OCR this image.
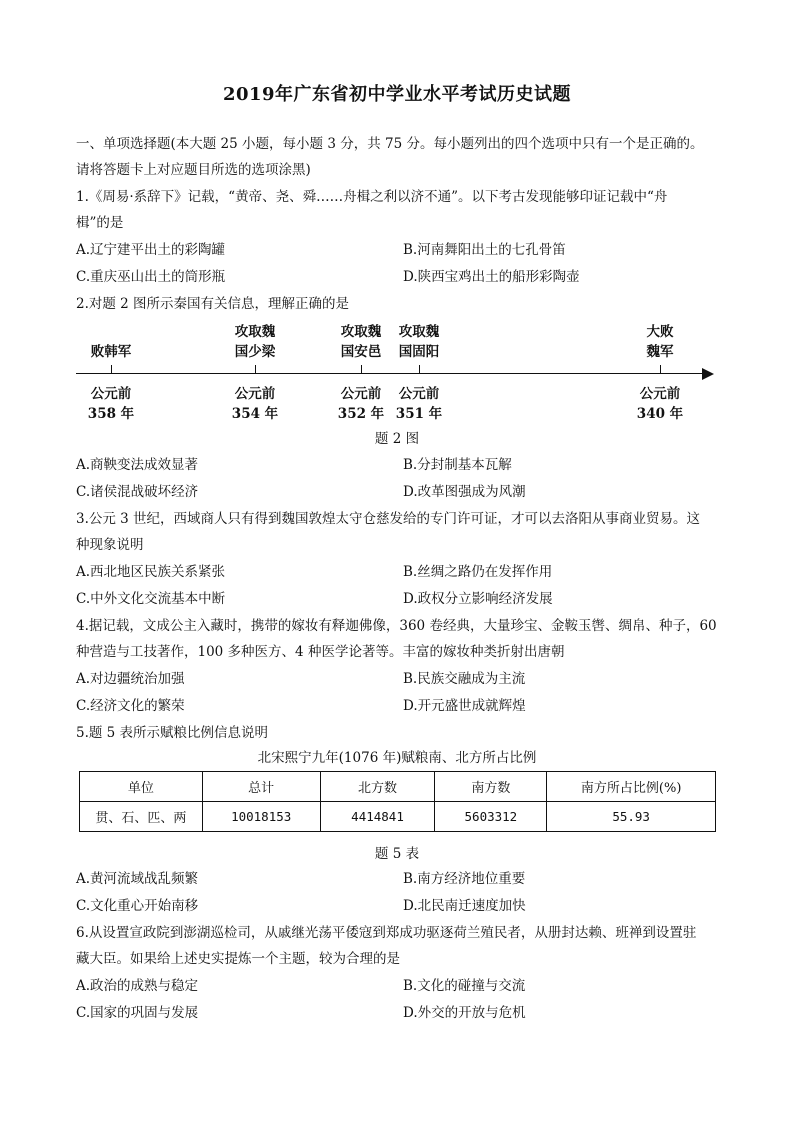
2019年广东省初中学业水平考试历史试题
一、单项选择题(本大题 25 小题，每小题 3 分，共 75 分。每小题列出的四个选项中只有一个是正确的。
请将答题卡上对应题目所选的选项涂黑)
1.《周易·系辞下》记载，“黄帝、尧、舜……舟楫之利以济不通”。以下考古发现能够印证记载中“舟
楫”的是
A.辽宁建平出土的彩陶罐	B.河南舞阳出土的七孔骨笛
C.重庆巫山出土的筒形瓶	D.陕西宝鸡出土的船形彩陶壶
2.对题 2 图所示秦国有关信息，理解正确的是
败韩军
公元前
358 年
攻取魏
国少梁
公元前
354 年
攻取魏
国安邑
公元前
352 年
攻取魏
国固阳
公元前
351 年
大败
魏军
公元前
340 年
题 2 图
A.商鞅变法成效显著	B.分封制基本瓦解
C.诸侯混战破坏经济	D.改革图强成为风潮
3.公元 3 世纪，西域商人只有得到魏国敦煌太守仓慈发给的专门许可证，才可以去洛阳从事商业贸易。这
种现象说明
A.西北地区民族关系紧张	B.丝绸之路仍在发挥作用
C.中外文化交流基本中断	D.政权分立影响经济发展
4.据记载，文成公主入藏时，携带的嫁妆有释迦佛像，360 卷经典，大量珍宝、金鞍玉辔、绸帛、种子，60
种营造与工技著作，100 多种医方、4 种医学论著等。丰富的嫁妆种类折射出唐朝
A.对边疆统治加强	B.民族交融成为主流
C.经济文化的繁荣	D.开元盛世成就辉煌
5.题 5 表所示赋粮比例信息说明
北宋熙宁九年(1076 年)赋粮南、北方所占比例
单位	总计	北方数	南方数	南方所占比例(%)
贯、石、匹、两	10018153	4414841	5603312	55.93
题 5 表
A.黄河流域战乱频繁	B.南方经济地位重要
C.文化重心开始南移	D.北民南迁速度加快
6.从设置宣政院到澎湖巡检司，从戚继光荡平倭寇到郑成功驱逐荷兰殖民者，从册封达赖、班禅到设置驻
藏大臣。如果给上述史实提炼一个主题，较为合理的是
A.政治的成熟与稳定	B.文化的碰撞与交流
C.国家的巩固与发展	D.外交的开放与危机
